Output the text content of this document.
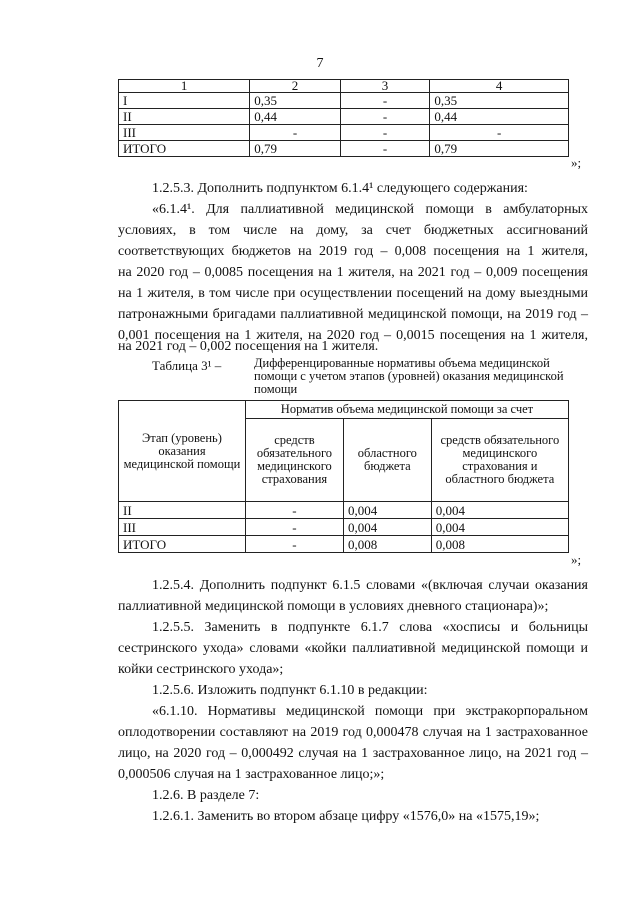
7
1	2	3	4
I	0,35	-	0,35
II	0,44	-	0,44
III	-	-	-
ИТОГО	0,79	-	0,79
»;
1.2.5.3. Дополнить подпунктом 6.1.4¹ следующего содержания:
«6.1.4¹. Для паллиативной медицинской помощи в амбулаторных
условиях, в том числе на дому, за счет бюджетных ассигнований
соответствующих бюджетов на 2019 год – 0,008 посещения на 1 жителя,
на 2020 год – 0,0085 посещения на 1 жителя, на 2021 год – 0,009 посещения
на 1 жителя, в том числе при осуществлении посещений на дому выездными
патронажными бригадами паллиативной медицинской помощи, на 2019 год –
0,001 посещения на 1 жителя, на 2020 год – 0,0015 посещения на 1 жителя,
на 2021 год – 0,002 посещения на 1 жителя.
Таблица 3¹ –	Дифференцированные нормативы объема медицинской помощи с учетом этапов (уровней) оказания медицинской помощи
Этап (уровень) оказания медицинской помощи	Норматив объема медицинской помощи за счет		
	средств обязательного медицинского страхования	областного бюджета	средств обязательного медицинского страхования и областного бюджета
II	-	0,004	0,004
III	-	0,004	0,004
ИТОГО	-	0,008	0,008
»;
1.2.5.4. Дополнить подпункт 6.1.5 словами «(включая случаи оказания
паллиативной медицинской помощи в условиях дневного стационара)»;
1.2.5.5. Заменить в подпункте 6.1.7 слова «хосписы и больницы
сестринского ухода» словами «койки паллиативной медицинской помощи и
койки сестринского ухода»;
1.2.5.6. Изложить подпункт 6.1.10 в редакции:
«6.1.10. Нормативы медицинской помощи при экстракорпоральном
оплодотворении составляют на 2019 год 0,000478 случая на 1 застрахованное
лицо, на 2020 год – 0,000492 случая на 1 застрахованное лицо, на 2021 год –
0,000506 случая на 1 застрахованное лицо;»;
1.2.6. В разделе 7:
1.2.6.1. Заменить во втором абзаце цифру «1576,0» на «1575,19»;
